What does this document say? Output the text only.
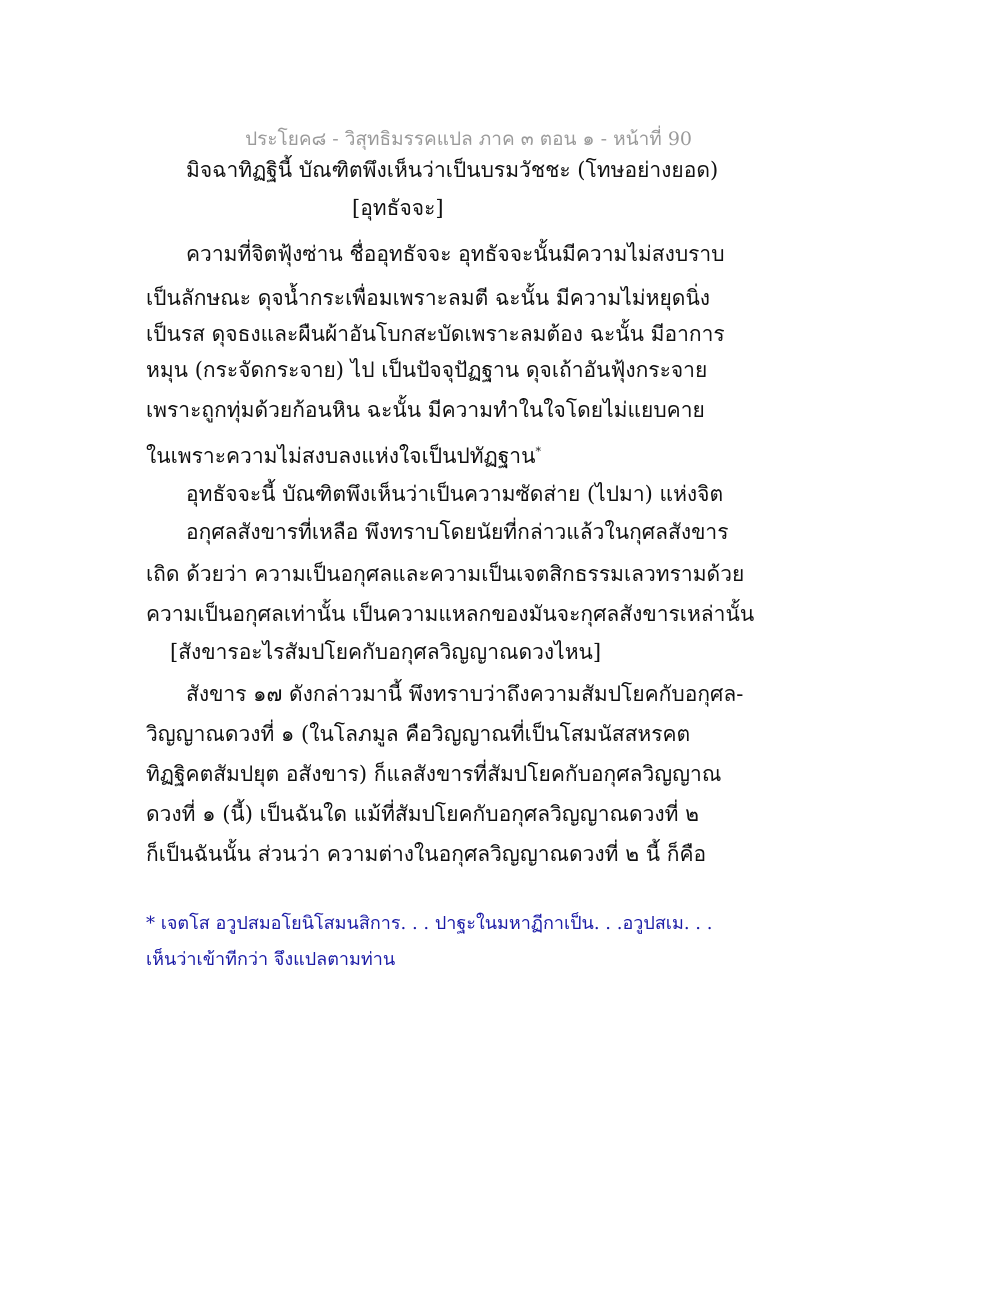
ประโยค๘ - วิสุทธิมรรคแปล ภาค ๓ ตอน ๑ - หน้าที่ 90
มิจฉาทิฏฐินี้ บัณฑิตพึงเห็นว่าเป็นบรมวัชชะ (โทษอย่างยอด)
[อุทธัจจะ]
ความที่จิตฟุ้งซ่าน ชื่ออุทธัจจะ อุทธัจจะนั้นมีความไม่สงบราบ
เป็นลักษณะ ดุจน้ำกระเพื่อมเพราะลมตี ฉะนั้น มีความไม่หยุดนิ่ง
เป็นรส ดุจธงและผืนผ้าอันโบกสะบัดเพราะลมต้อง ฉะนั้น มีอาการ
หมุน (กระจัดกระจาย) ไป เป็นปัจจุปัฏฐาน ดุจเถ้าอันฟุ้งกระจาย
เพราะถูกทุ่มด้วยก้อนหิน ฉะนั้น มีความทำในใจโดยไม่แยบคาย
ในเพราะความไม่สงบลงแห่งใจเป็นปทัฏฐาน*
อุทธัจจะนี้ บัณฑิตพึงเห็นว่าเป็นความซัดส่าย (ไปมา) แห่งจิต
อกุศลสังขารที่เหลือ พึงทราบโดยนัยที่กล่าวแล้วในกุศลสังขาร
เถิด ด้วยว่า ความเป็นอกุศลและความเป็นเจตสิกธรรมเลวทรามด้วย
ความเป็นอกุศลเท่านั้น เป็นความแหลกของมันจะกุศลสังขารเหล่านั้น
[สังขารอะไรสัมปโยคกับอกุศลวิญญาณดวงไหน]
สังขาร ๑๗ ดังกล่าวมานี้ พึงทราบว่าถึงความสัมปโยคกับอกุศล-
วิญญาณดวงที่ ๑ (ในโลภมูล คือวิญญาณที่เป็นโสมนัสสหรคต
ทิฏฐิคตสัมปยุต อสังขาร) ก็แลสังขารที่สัมปโยคกับอกุศลวิญญาณ
ดวงที่ ๑ (นี้) เป็นฉันใด แม้ที่สัมปโยคกับอกุศลวิญญาณดวงที่ ๒
ก็เป็นฉันนั้น ส่วนว่า ความต่างในอกุศลวิญญาณดวงที่ ๒ นี้ ก็คือ
* เจตโส อวูปสมอโยนิโสมนสิการ. . . ปาฐะในมหาฏีกาเป็น. . .อวูปสเม. . .
เห็นว่าเข้าทีกว่า จึงแปลตามท่าน
